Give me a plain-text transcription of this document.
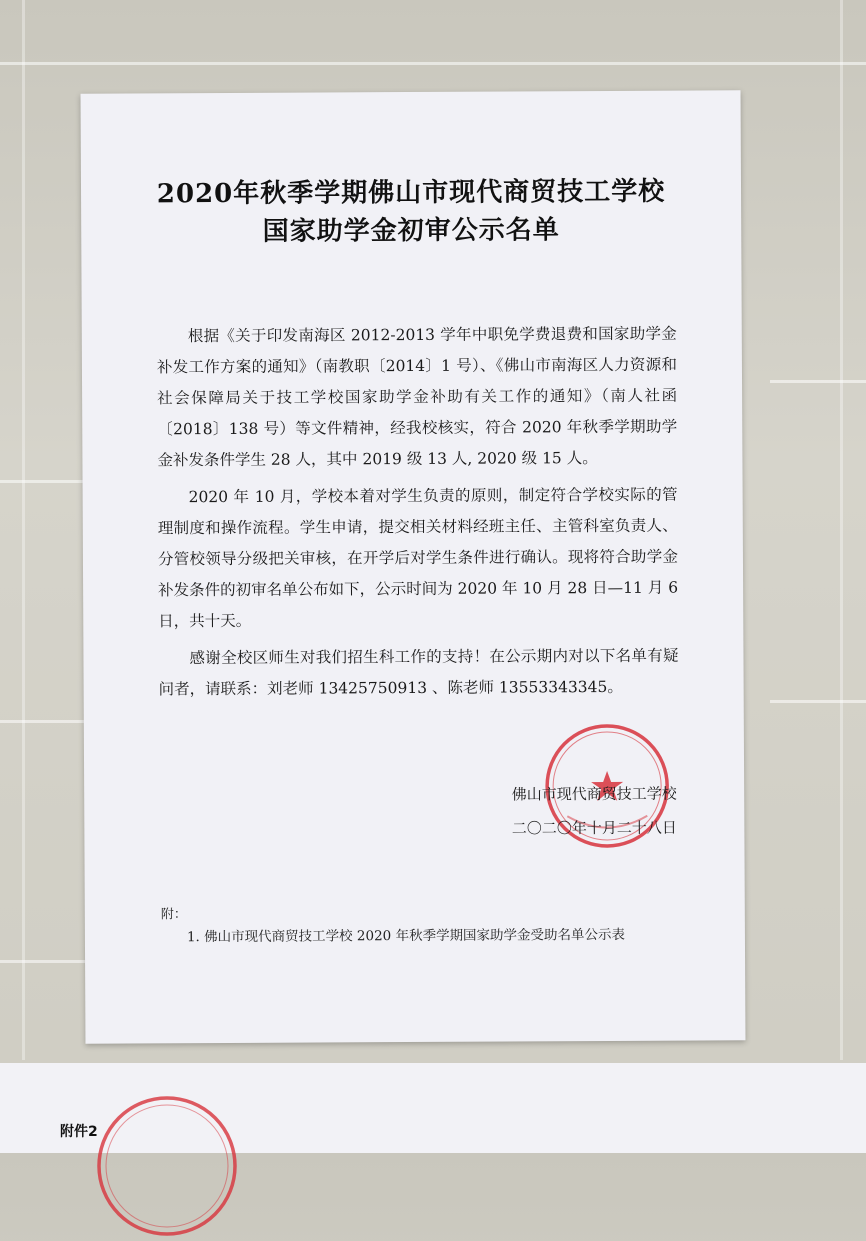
2020年秋季学期佛山市现代商贸技工学校
国家助学金初审公示名单

根据《关于印发南海区 2012-2013 学年中职免学费退费和国家助学金补发工作方案的通知》（南教职〔2014〕1 号）、《佛山市南海区人力资源和社会保障局关于技工学校国家助学金补助有关工作的通知》（南人社函〔2018〕138 号）等文件精神，经我校核实，符合 2020 年秋季学期助学金补发条件学生 28 人，其中 2019 级 13 人, 2020 级 15 人。

2020 年 10 月，学校本着对学生负责的原则，制定符合学校实际的管理制度和操作流程。学生申请，提交相关材料经班主任、主管科室负责人、分管校领导分级把关审核，在开学后对学生条件进行确认。现将符合助学金补发条件的初审名单公布如下，公示时间为 2020 年 10 月 28 日—11 月 6 日，共十天。

感谢全校区师生对我们招生科工作的支持！在公示期内对以下名单有疑问者，请联系：刘老师 13425750913 、陈老师 13553343345。

佛山市现代商贸技工学校
二〇二〇年十月二十八日
附：
1. 佛山市现代商贸技工学校 2020 年秋季学期国家助学金受助名单公示表
附件2
